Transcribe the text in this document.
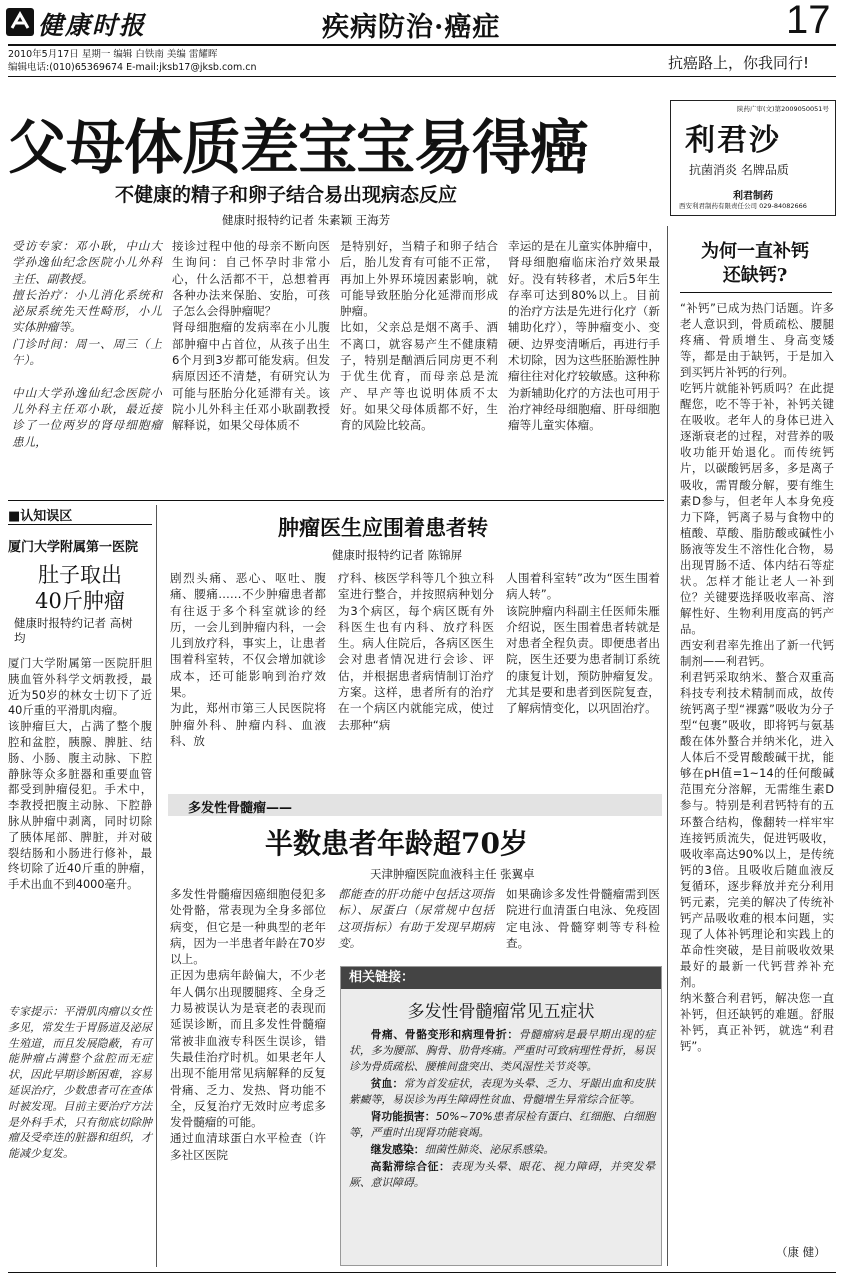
健康时报	疾病防治·癌症	17
2010年5月17日 星期一 编辑 白铁南 美编 雷耀晖
编辑电话:(010)65369674 E-mail:jksb17@jksb.com.cn	抗癌路上，你我同行!
父母体质差宝宝易得癌
不健康的精子和卵子结合易出现病态反应
健康时报特约记者 朱素颖 王海芳
陕药广审(文)第2009050051号
利君沙
抗菌消炎 名牌品质
利君制药
西安利君制药有限责任公司 029-84082666
受访专家：邓小耿，中山大学孙逸仙纪念医院小儿外科主任、副教授。
擅长治疗：小儿消化系统和泌尿系统先天性畸形，小儿实体肿瘤等。
门诊时间：周一、周三（上午）。

中山大学孙逸仙纪念医院小儿外科主任邓小耿，最近接诊了一位两岁的肾母细胞瘤患儿，
接诊过程中他的母亲不断向医生询问：自己怀孕时非常小心，什么活都不干，总想着再各种办法来保胎、安胎，可孩子怎么会得肿瘤呢？
肾母细胞瘤的发病率在小儿腹部肿瘤中占首位，从孩子出生6个月到3岁都可能发病。但发病原因还不清楚，有研究认为可能与胚胎分化延滞有关。该院小儿外科主任邓小耿副教授解释说，如果父母体质不
是特别好，当精子和卵子结合后，胎儿发育有可能不正常，再加上外界环境因素影响，就可能导致胚胎分化延滞而形成肿瘤。
比如，父亲总是烟不离手、酒不离口，就容易产生不健康精子，特别是酗酒后同房更不利于优生优育，而母亲总是流产、早产等也说明体质不太好。如果父母体质都不好，生育的风险比较高。
幸运的是在儿童实体肿瘤中，肾母细胞瘤临床治疗效果最好。没有转移者，术后5年生存率可达到80%以上。目前的治疗方法是先进行化疗（新辅助化疗），等肿瘤变小、变硬、边界变清晰后，再进行手术切除，因为这些胚胎源性肿瘤往往对化疗较敏感。这种称为新辅助化疗的方法也可用于治疗神经母细胞瘤、肝母细胞瘤等儿童实体瘤。
■认知误区
厦门大学附属第一医院
肚子取出
40斤肿瘤
健康时报特约记者 高树均
厦门大学附属第一医院肝胆胰血管外科学文炳教授，最近为50岁的林女士切下了近40斤重的平滑肌肉瘤。
该肿瘤巨大，占满了整个腹腔和盆腔，胰腺、脾脏、结肠、小肠、腹主动脉、下腔静脉等众多脏器和重要血管都受到肿瘤侵犯。手术中，李教授把腹主动脉、下腔静脉从肿瘤中剥离，同时切除了胰体尾部、脾脏，并对破裂结肠和小肠进行修补，最终切除了近40斤重的肿瘤，手术出血不到4000毫升。
专家提示：平滑肌肉瘤以女性多见，常发生于胃肠道及泌尿生殖道，而且发展隐蔽，有可能肿瘤占满整个盆腔而无症状，因此早期诊断困难，容易延误治疗，少数患者可在查体时被发现。目前主要治疗方法是外科手术，只有彻底切除肿瘤及受牵连的脏器和组织，才能减少复发。
肿瘤医生应围着患者转
健康时报特约记者 陈锦屏
剧烈头痛、恶心、呕吐、腹痛、腰痛……不少肿瘤患者都有往返于多个科室就诊的经历，一会儿到肿瘤内科，一会儿到放疗科，事实上，让患者围着科室转，不仅会增加就诊成本，还可能影响到治疗效果。
为此，郑州市第三人民医院将肿瘤外科、肿瘤内科、血液科、放
疗科、核医学科等几个独立科室进行整合，并按照病种划分为3个病区，每个病区既有外科医生也有内科、放疗科医生。病人住院后，各病区医生会对患者情况进行会诊、评估，并根据患者病情制订治疗方案。这样，患者所有的治疗在一个病区内就能完成，使过去那种“病
人围着科室转”改为“医生围着病人转”。
该院肿瘤内科副主任医师朱雁介绍说，医生围着患者转就是对患者全程负责。即便患者出院，医生还要为患者制订系统的康复计划，预防肿瘤复发。尤其是要和患者到医院复查，了解病情变化，以巩固治疗。
多发性骨髓瘤——
半数患者年龄超70岁
天津肿瘤医院血液科主任 张翼卓
多发性骨髓瘤因癌细胞侵犯多处骨骼，常表现为全身多部位病变，但它是一种典型的老年病，因为一半患者年龄在70岁以上。
正因为患病年龄偏大，不少老年人偶尔出现腰腿疼、全身乏力易被误认为是衰老的表现而延误诊断，而且多发性骨髓瘤常被非血液专科医生误诊，错失最佳治疗时机。如果老年人出现不能用常见病解释的反复骨痛、乏力、发热、肾功能不全，反复治疗无效时应考虑多发骨髓瘤的可能。
通过血清球蛋白水平检查（许多社区医院
都能查的肝功能中包括这项指标）、尿蛋白（尿常规中包括这项指标）有助于发现早期病变。
如果确诊多发性骨髓瘤需到医院进行血清蛋白电泳、免疫固定电泳、骨髓穿刺等专科检查。
相关链接：
多发性骨髓瘤常见五症状
骨痛、骨骼变形和病理骨折：骨髓瘤病是最早期出现的症状，多为腰部、胸骨、肋骨疼痛。严重时可致病理性骨折，易误诊为骨质疏松、腰椎间盘突出、类风湿性关节炎等。
贫血：常为首发症状，表现为头晕、乏力、牙龈出血和皮肤紫癜等，易误诊为再生障碍性贫血、骨髓增生异常综合征等。
肾功能损害：50%~70%患者尿检有蛋白、红细胞、白细胞等，严重时出现肾功能衰竭。
继发感染：细菌性肺炎、泌尿系感染。
高黏滞综合征：表现为头晕、眼花、视力障碍，并突发晕厥、意识障碍。
为何一直补钙
还缺钙?
“补钙”已成为热门话题。许多老人意识到，骨质疏松、腰腿疼痛、骨质增生、身高变矮等，都是由于缺钙，于是加入到买钙片补钙的行列。
吃钙片就能补钙质吗？在此提醒您，吃不等于补，补钙关键在吸收。老年人的身体已进入逐渐衰老的过程，对营养的吸收功能开始退化。而传统钙片，以碳酸钙居多，多是离子吸收，需胃酸分解，要有维生素D参与，但老年人本身免疫力下降，钙离子易与食物中的植酸、草酸、脂肪酸或碱性小肠液等发生不溶性化合物，易出现胃肠不适、体内结石等症状。怎样才能让老人一补到位？关键要选择吸收率高、溶解性好、生物利用度高的钙产品。
西安利君率先推出了新一代钙制剂——利君钙。
利君钙采取纳米、螯合双重高科技专利技术精制而成，故传统钙离子型“裸露”吸收为分子型“包裹”吸收，即将钙与氨基酸在体外螯合并纳米化，进入人体后不受胃酸酸碱干扰，能够在pH值=1~14的任何酸碱范围充分溶解，无需维生素D参与。特别是利君钙特有的五环螯合结构，像翻转一样牢牢连接钙质流失，促进钙吸收，吸收率高达90%以上，是传统钙的3倍。且吸收后随血液反复循环，逐步释放并充分利用钙元素，完美的解决了传统补钙产品吸收难的根本问题，实现了人体补钙理论和实践上的革命性突破，是目前吸收效果最好的最新一代钙营养补充剂。
纳米螯合利君钙，解决您一直补钙，但还缺钙的难题。舒服补钙，真正补钙，就选“利君钙”。
（康 健）
